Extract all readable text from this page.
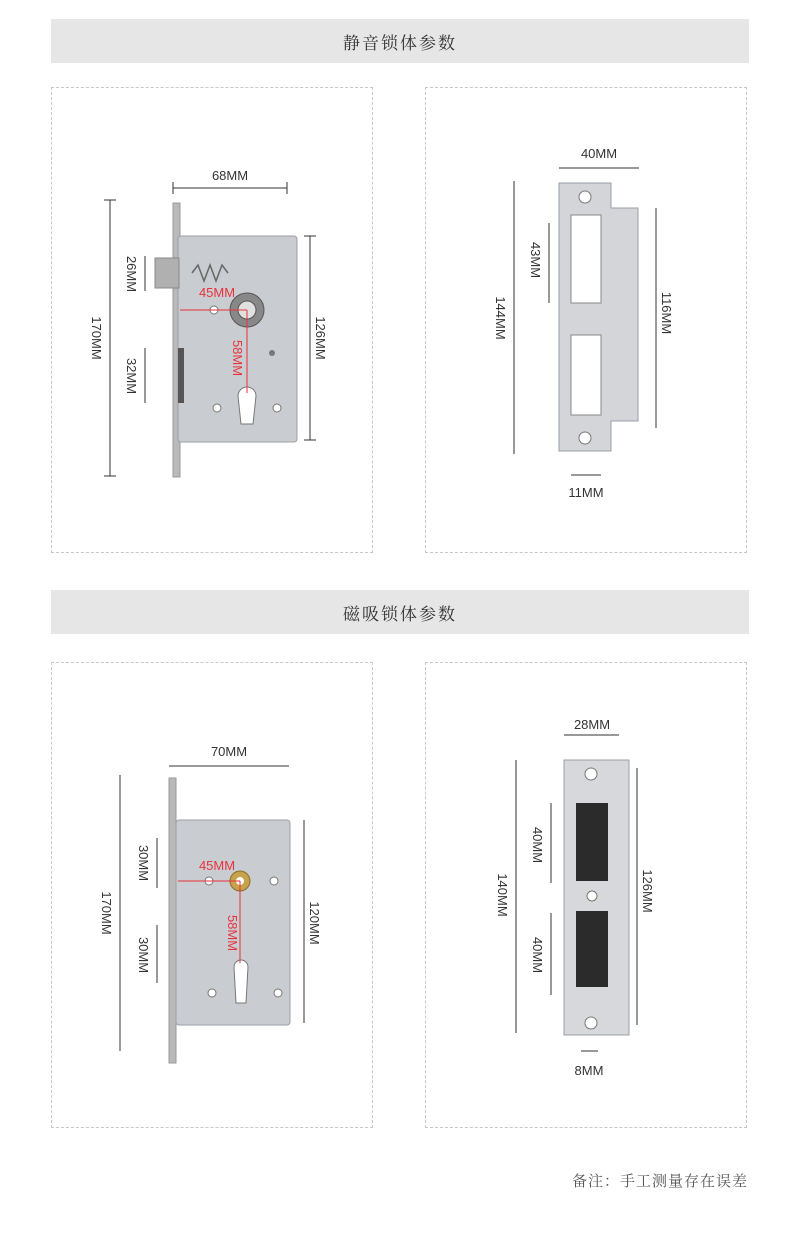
静音锁体参数
68MM
170MM
26MM
32MM
126MM
45MM
58MM
40MM
144MM
43MM
116MM
11MM
磁吸锁体参数
70MM
170MM
30MM
30MM
120MM
45MM
58MM
28MM
140MM
40MM
40MM
126MM
8MM
备注：手工测量存在误差
